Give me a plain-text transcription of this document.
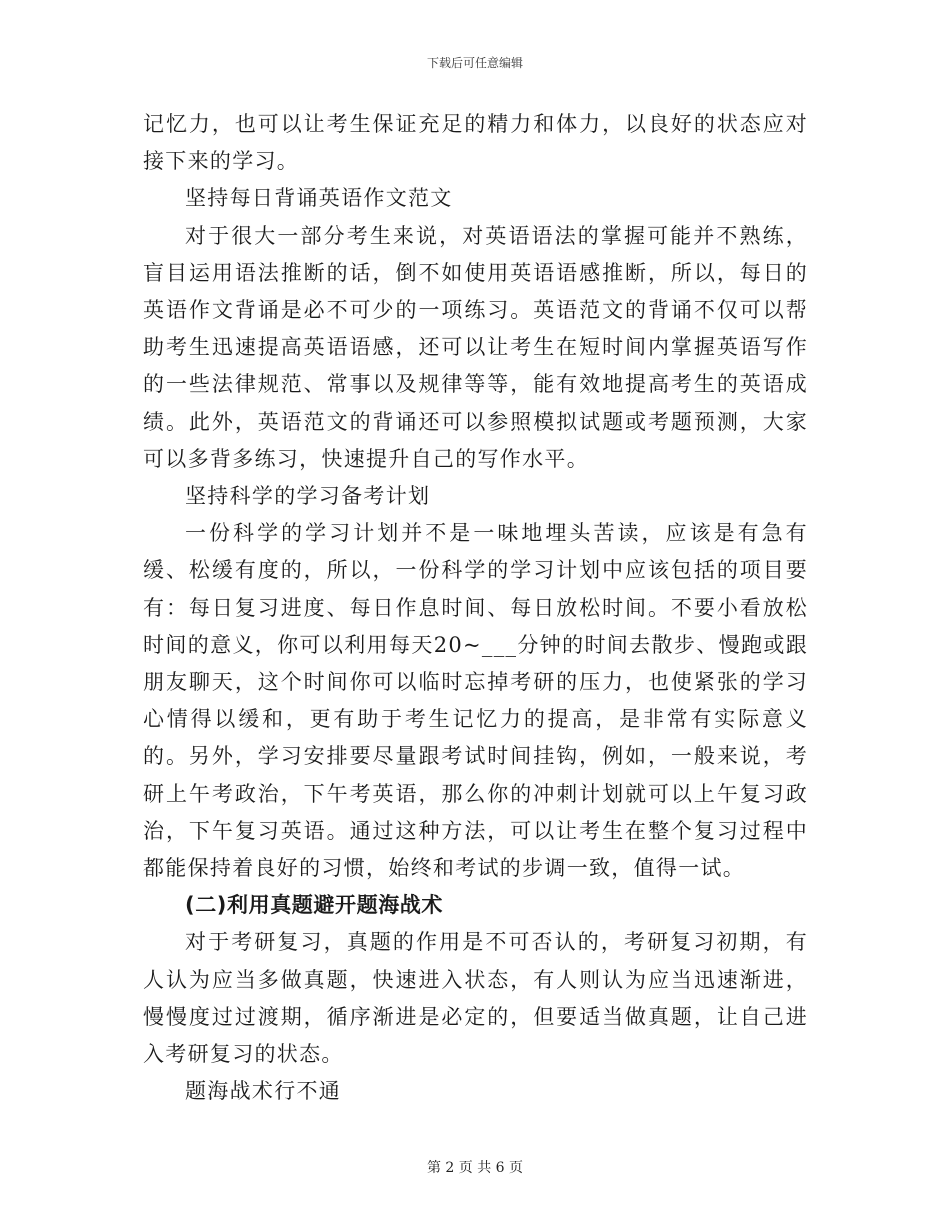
下载后可任意编辑

记忆力，也可以让考生保证充足的精力和体力，以良好的状态应对接下来的学习。

坚持每日背诵英语作文范文

对于很大一部分考生来说，对英语语法的掌握可能并不熟练，盲目运用语法推断的话，倒不如使用英语语感推断，所以，每日的英语作文背诵是必不可少的一项练习。英语范文的背诵不仅可以帮助考生迅速提高英语语感，还可以让考生在短时间内掌握英语写作的一些法律规范、常事以及规律等等，能有效地提高考生的英语成绩。此外，英语范文的背诵还可以参照模拟试题或考题预测，大家可以多背多练习，快速提升自己的写作水平。

坚持科学的学习备考计划

一份科学的学习计划并不是一味地埋头苦读，应该是有急有缓、松缓有度的，所以，一份科学的学习计划中应该包括的项目要有：每日复习进度、每日作息时间、每日放松时间。不要小看放松时间的意义，你可以利用每天20~___分钟的时间去散步、慢跑或跟朋友聊天，这个时间你可以临时忘掉考研的压力，也使紧张的学习心情得以缓和，更有助于考生记忆力的提高，是非常有实际意义的。另外，学习安排要尽量跟考试时间挂钩，例如，一般来说，考研上午考政治，下午考英语，那么你的冲刺计划就可以上午复习政治，下午复习英语。通过这种方法，可以让考生在整个复习过程中都能保持着良好的习惯，始终和考试的步调一致，值得一试。

(二)利用真题避开题海战术

对于考研复习，真题的作用是不可否认的，考研复习初期，有人认为应当多做真题，快速进入状态，有人则认为应当迅速渐进，慢慢度过过渡期，循序渐进是必定的，但要适当做真题，让自己进入考研复习的状态。

题海战术行不通

第 2 页 共 6 页
